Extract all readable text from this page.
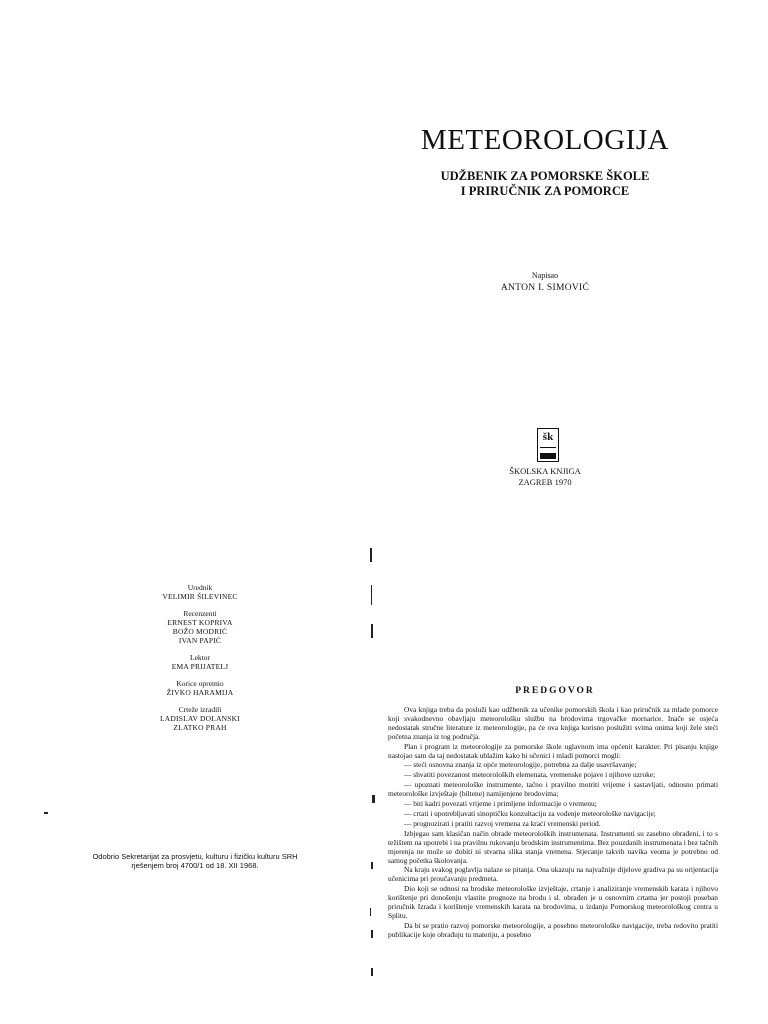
METEOROLOGIJA
UDŽBENIK ZA POMORSKE ŠKOLE
I PRIRUČNIK ZA POMORCE
Napisao
ANTON I. SIMOVIĆ
šk
ŠKOLSKA KNJIGA
ZAGREB 1970
Urednik
VELIMIR ŠILEVINEC
Recenzenti
ERNEST KOPRIVA
BOŽO MODRIĆ
IVAN PAPIĆ
Lektor
EMA PRIJATELJ
Korice opremio
ŽIVKO HARAMIJA
Crteže izradili
LADISLAV DOLANSKI
ZLATKO PRAH
Odobrio Sekretarijat za prosvjetu, kulturu i fizičku kulturu SRH
rješenjem broj 4700/1 od 18. XII 1968.
PREDGOVOR

Ova knjiga treba da posluži kao udžbenik za učenike pomorskih škola i kao priručnik za mlade pomorce koji svakodnevno obavljaju meteorološku službu na brodovima trgovačke mornarice. Inače se osjeća nedostatak stručne literature iz meteorologije, pa će ova knjiga korisno poslužiti svima onima koji žele steći početna znanja iz tog područja.

Plan i program iz meteorologije za pomorske škole uglavnom ima općenit karakter. Pri pisanju knjige nastojao sam da taj nedostatak ublažim kako bi učenici i mladi pomorci mogli:

— steći osnovna znanja iz opće meteorologije, potrebna za dalje usavršavanje;

— shvatiti povezanost meteoroloških elemenata, vremenske pojave i njihove uzroke;

— upoznati meteorološke instrumente, tačno i pravilno motriti vrijeme i sastavljati, odnosno primati meteorološke izvještaje (biltene) namijenjene brodovima;

— biti kadri povezati vrijeme i primljene informacije o vremenu;

— crtati i upotrebljavati sinoptičku konzultaciju za vođenje meteorološke navigacije;

— prognozirati i pratiti razvoj vremena za kraći vremenski period.

Izbjegao sam klasičan način obrade meteoroloških instrumenata. Instrumenti su zasebno obrađeni, i to s težištem na upotrebi i na pravilnu rukovanju brodskim instrumentima. Bez pouzdanih instrumenata i bez tačnih mjerenja ne može se dobiti ni stvarna slika stanja vremena. Stjecanje takvih navika veoma je potrebno od samog početka školovanja.

Na kraju svakog poglavlja nalaze se pitanja. Ona ukazuju na najvažnije dijelove gradiva pa su orijentacija učenicima pri proučavanju predmeta.

Dio koji se odnosi na brodske meteorološke izvještaje, crtanje i analiziranje vremenskih karata i njihovo korištenje pri donošenju vlastite prognoze na brodu i sl. obrađen je u osnovnim crtama jer postoji poseban priručnik Izrada i korištenje vremenskih karata na brodovima, u izdanju Pomorskog meteorološkog centra u Splitu.

Da bi se pratio razvoj pomorske meteorologije, a posebno meteorološke navigacije, treba redovito pratiti publikacije koje obrađuju tu materiju, a posebno
